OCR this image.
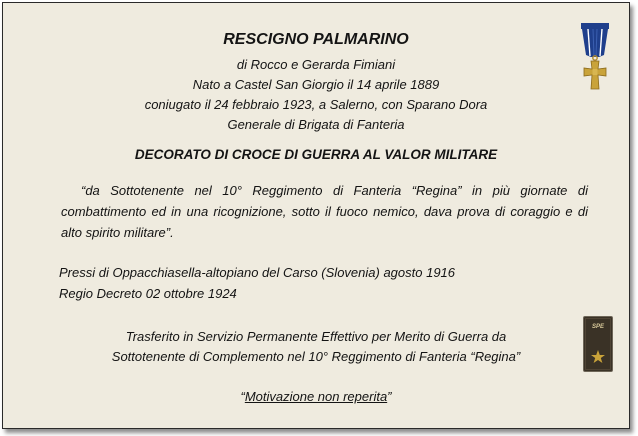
RESCIGNO PALMARINO
di Rocco e Gerarda Fimiani
Nato a Castel San Giorgio il 14 aprile 1889
coniugato il 24 febbraio 1923, a Salerno, con Sparano Dora
Generale di Brigata di Fanteria
DECORATO DI CROCE DI GUERRA AL VALOR MILITARE
“da Sottotenente nel 10° Reggimento di Fanteria “Regina” in più giornate di combattimento ed in una ricognizione, sotto il fuoco nemico, dava prova di coraggio e di alto spirito militare”.
Pressi di Oppacchiasella-altopiano del Carso (Slovenia) agosto 1916
Regio Decreto 02 ottobre 1924
Trasferito in Servizio Permanente Effettivo per Merito di Guerra da
Sottotenente di Complemento nel 10° Reggimento di Fanteria “Regina”
“Motivazione non reperita”
SPE
